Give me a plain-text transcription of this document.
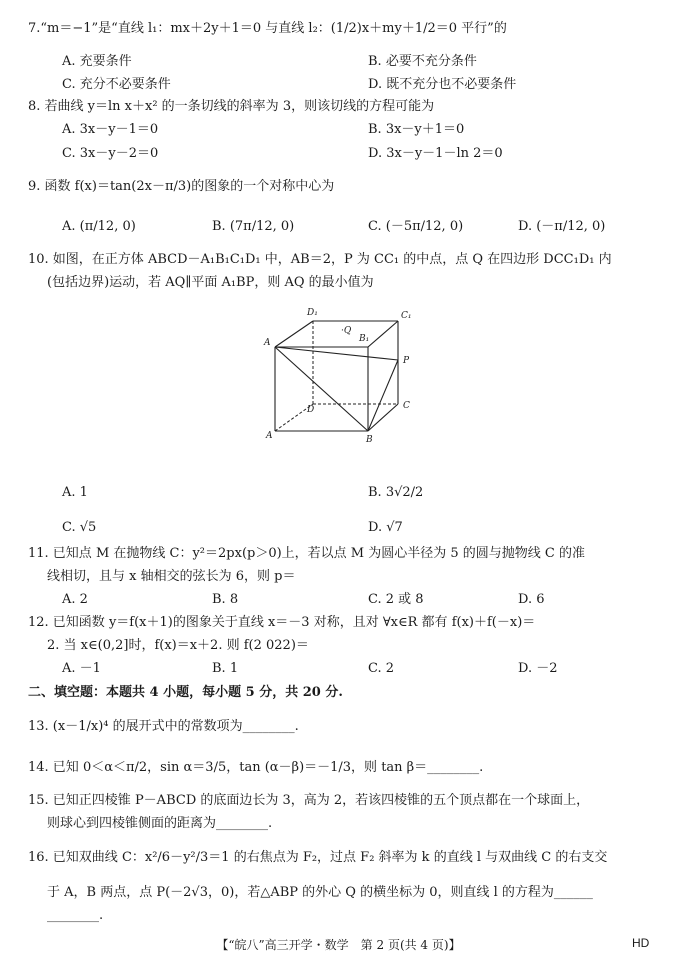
7.“m＝−1”是“直线 l₁：mx＋2y＋1＝0 与直线 l₂：(1/2)x＋my＋1/2＝0 平行”的
A. 充要条件	B. 必要不充分条件
C. 充分不必要条件	D. 既不充分也不必要条件
8. 若曲线 y＝ln x＋x² 的一条切线的斜率为 3，则该切线的方程可能为
A. 3x－y－1＝0	B. 3x－y＋1＝0
C. 3x－y－2＝0	D. 3x－y－1－ln 2＝0
9. 函数 f(x)＝tan(2x－π/3)的图象的一个对称中心为
A. (π/12, 0)	B. (7π/12, 0)	C. (－5π/12, 0)	D. (－π/12, 0)
10. 如图，在正方体 ABCD－A₁B₁C₁D₁ 中，AB＝2，P 为 CC₁ 的中点，点 Q 在四边形 DCC₁D₁ 内
(包括边界)运动，若 AQ∥平面 A₁BP，则 AQ 的最小值为
D₁	C₁
·Q
B₁
A
P
D	C
A	B
A. 1	B. 3√2/2
C. √5	D. √7
11. 已知点 M 在抛物线 C：y²＝2px(p＞0)上，若以点 M 为圆心半径为 5 的圆与抛物线 C 的准
线相切，且与 x 轴相交的弦长为 6，则 p＝
A. 2	B. 8	C. 2 或 8	D. 6
12. 已知函数 y＝f(x＋1)的图象关于直线 x＝－3 对称，且对 ∀x∈R 都有 f(x)＋f(－x)＝
2. 当 x∈(0,2]时，f(x)＝x＋2. 则 f(2 022)＝
A. －1	B. 1	C. 2	D. －2
二、填空题：本题共 4 小题，每小题 5 分，共 20 分.
13. (x－1/x)⁴ 的展开式中的常数项为________.
14. 已知 0＜α＜π/2，sin α＝3/5，tan (α－β)＝－1/3，则 tan β＝________.
15. 已知正四棱锥 P－ABCD 的底面边长为 3，高为 2，若该四棱锥的五个顶点都在一个球面上，
则球心到四棱锥侧面的距离为________.
16. 已知双曲线 C：x²/6－y²/3＝1 的右焦点为 F₂，过点 F₂ 斜率为 k 的直线 l 与双曲线 C 的右支交
于 A，B 两点，点 P(－2√3，0)，若△ABP 的外心 Q 的横坐标为 0，则直线 l 的方程为______
________.
【“皖八”高三开学・数学　第 2 页(共 4 页)】	HD
